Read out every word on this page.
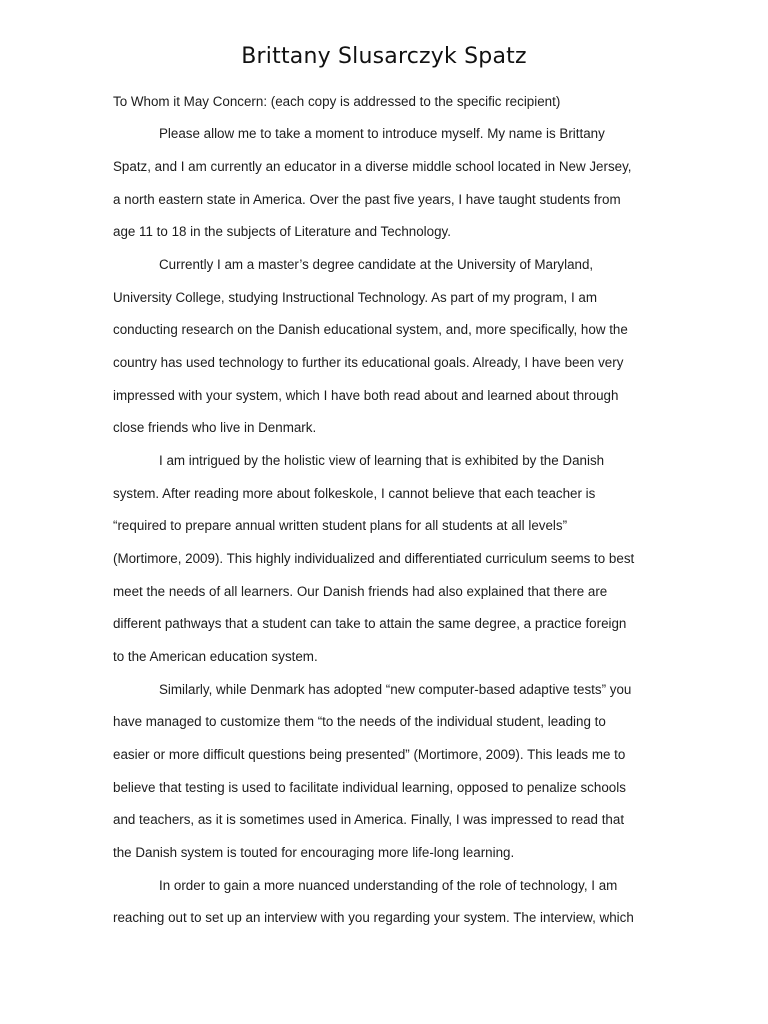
Brittany Slusarczyk Spatz
To Whom it May Concern: (each copy is addressed to the specific recipient)
Please allow me to take a moment to introduce myself. My name is Brittany
Spatz, and I am currently an educator in a diverse middle school located in New Jersey,
a north eastern state in America. Over the past five years, I have taught students from
age 11 to 18 in the subjects of Literature and Technology.
Currently I am a master’s degree candidate at the University of Maryland,
University College, studying Instructional Technology. As part of my program, I am
conducting research on the Danish educational system, and, more specifically, how the
country has used technology to further its educational goals. Already, I have been very
impressed with your system, which I have both read about and learned about through
close friends who live in Denmark.
I am intrigued by the holistic view of learning that is exhibited by the Danish
system. After reading more about folkeskole, I cannot believe that each teacher is
“required to prepare annual written student plans for all students at all levels”
(Mortimore, 2009). This highly individualized and differentiated curriculum seems to best
meet the needs of all learners. Our Danish friends had also explained that there are
different pathways that a student can take to attain the same degree, a practice foreign
to the American education system.
Similarly, while Denmark has adopted “new computer-based adaptive tests” you
have managed to customize them “to the needs of the individual student, leading to
easier or more difficult questions being presented” (Mortimore, 2009). This leads me to
believe that testing is used to facilitate individual learning, opposed to penalize schools
and teachers, as it is sometimes used in America. Finally, I was impressed to read that
the Danish system is touted for encouraging more life-long learning.
In order to gain a more nuanced understanding of the role of technology, I am
reaching out to set up an interview with you regarding your system. The interview, which
